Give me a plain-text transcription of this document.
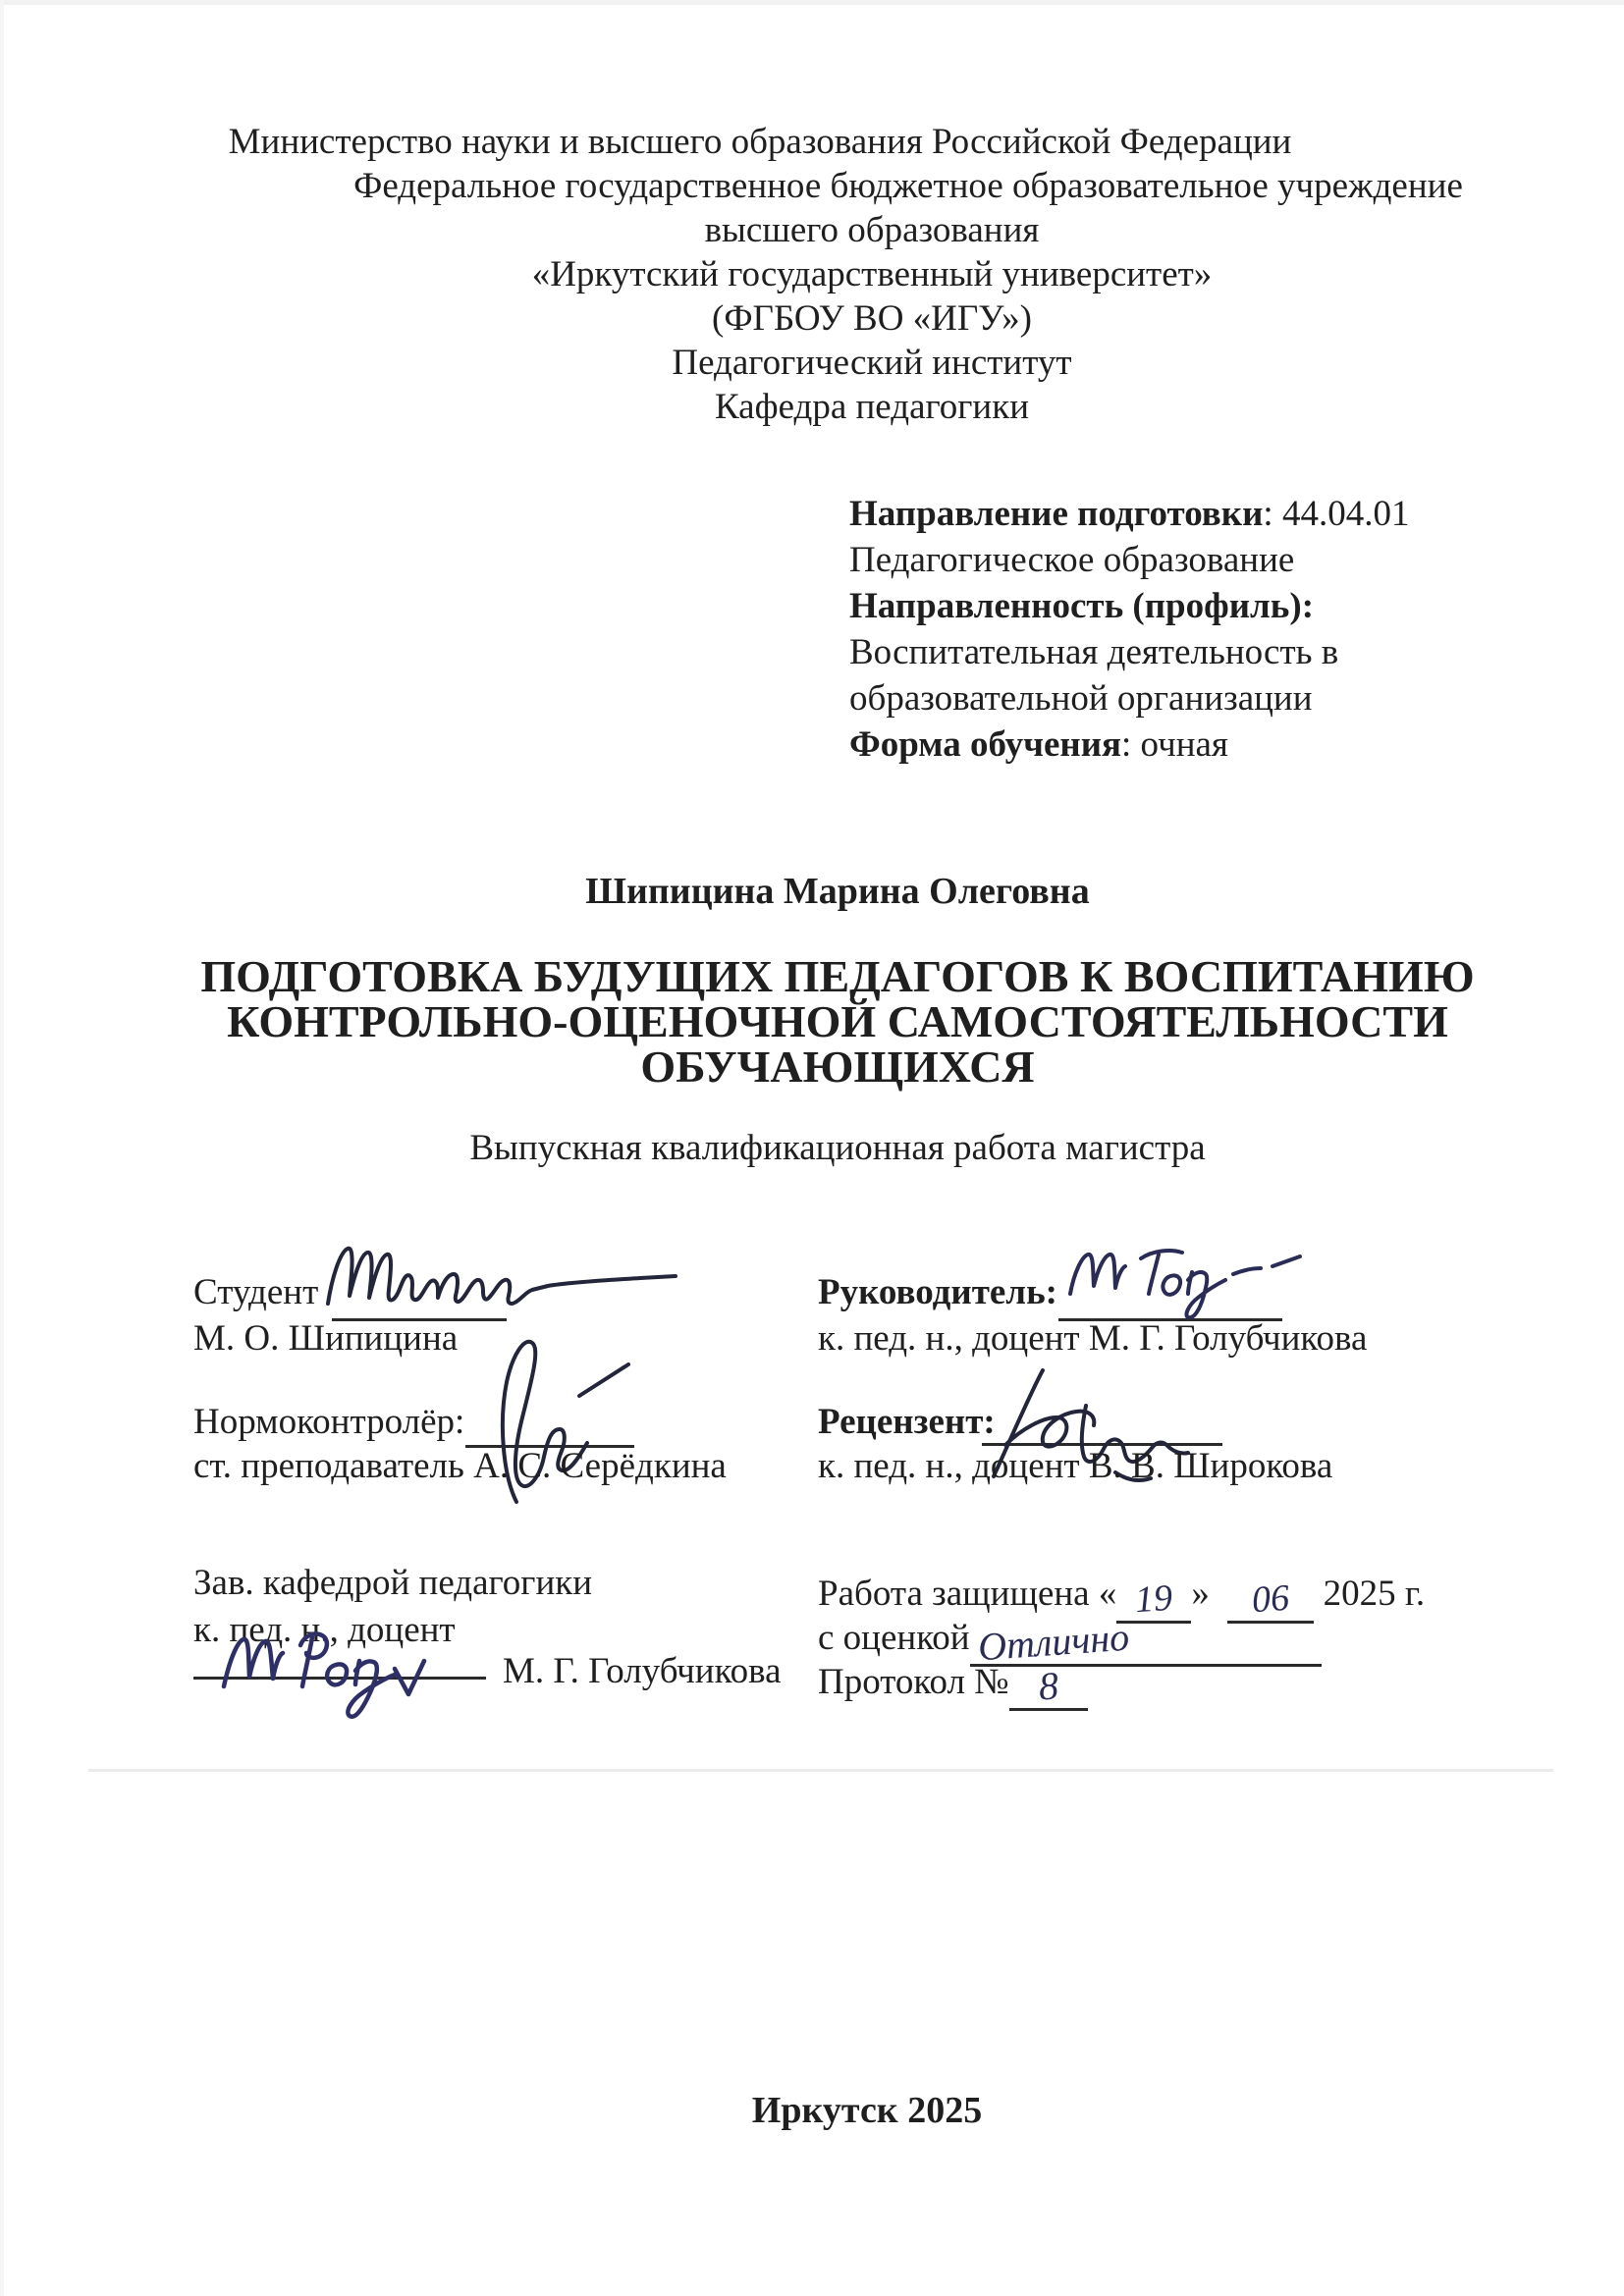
Министерство науки и высшего образования Российской Федерации
Федеральное государственное бюджетное образовательное учреждение
высшего образования
«Иркутский государственный университет»
(ФГБОУ ВО «ИГУ»)
Педагогический институт
Кафедра педагогики
Направление подготовки: 44.04.01
Педагогическое образование
Направленность (профиль):
Воспитательная деятельность в
образовательной организации
Форма обучения: очная
Шипицина Марина Олеговна
ПОДГОТОВКА БУДУЩИХ ПЕДАГОГОВ К ВОСПИТАНИЮ
КОНТРОЛЬНО-ОЦЕНОЧНОЙ САМОСТОЯТЕЛЬНОСТИ
ОБУЧАЮЩИХСЯ
Выпускная квалификационная работа магистра
Студент
М. О. Шипицина
Нормоконтролёр:
ст. преподаватель А. С. Серёдкина
Зав. кафедрой педагогики
к. пед. н., доцент
М. Г. Голубчикова
Руководитель:
к. пед. н., доцент М. Г. Голубчикова
Рецензент:
к. пед. н., доцент В. В. Широкова
Работа защищена « 19 » 06 2025 г.
с оценкой Отлично
Протокол № 8
Иркутск 2025
